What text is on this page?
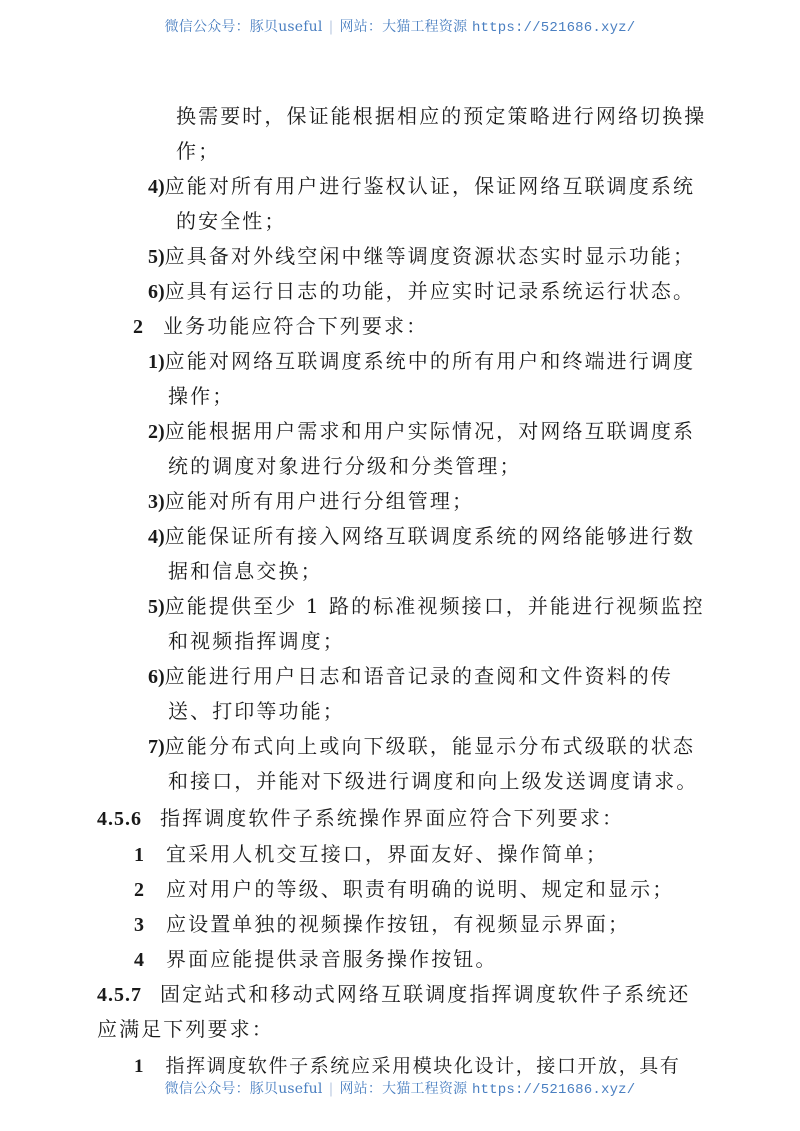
微信公众号：豚贝useful | 网站：大猫工程资源 https://521686.xyz/
换需要时，保证能根据相应的预定策略进行网络切换操
作；
4)应能对所有用户进行鉴权认证，保证网络互联调度系统
的安全性；
5)应具备对外线空闲中继等调度资源状态实时显示功能；
6)应具有运行日志的功能，并应实时记录系统运行状态。
2 业务功能应符合下列要求：
1)应能对网络互联调度系统中的所有用户和终端进行调度
操作；
2)应能根据用户需求和用户实际情况，对网络互联调度系
统的调度对象进行分级和分类管理；
3)应能对所有用户进行分组管理；
4)应能保证所有接入网络互联调度系统的网络能够进行数
据和信息交换；
5)应能提供至少 1 路的标准视频接口，并能进行视频监控
和视频指挥调度；
6)应能进行用户日志和语音记录的查阅和文件资料的传
送、打印等功能；
7)应能分布式向上或向下级联，能显示分布式级联的状态
和接口，并能对下级进行调度和向上级发送调度请求。
4.5.6 指挥调度软件子系统操作界面应符合下列要求：
1 宜采用人机交互接口，界面友好、操作简单；
2 应对用户的等级、职责有明确的说明、规定和显示；
3 应设置单独的视频操作按钮，有视频显示界面；
4 界面应能提供录音服务操作按钮。
4.5.7 固定站式和移动式网络互联调度指挥调度软件子系统还
应满足下列要求：
1 指挥调度软件子系统应采用模块化设计，接口开放，具有
微信公众号：豚贝useful | 网站：大猫工程资源 https://521686.xyz/
